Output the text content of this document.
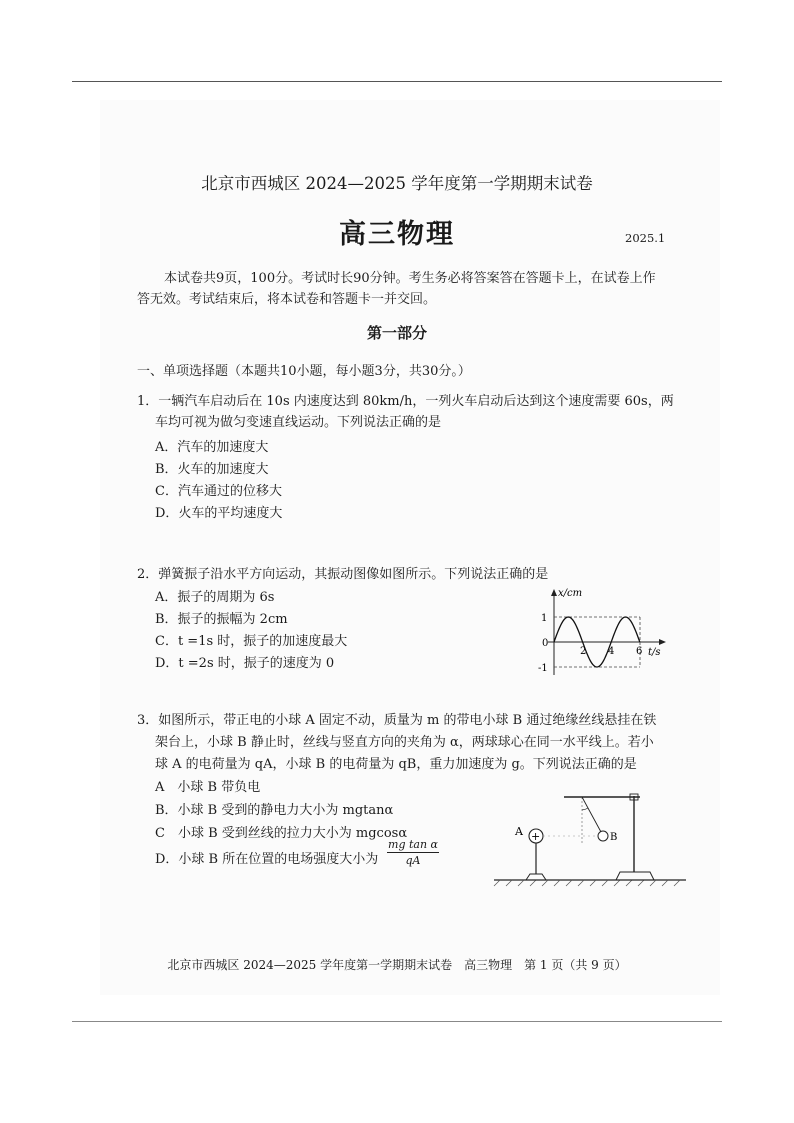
北京市西城区 2024—2025 学年度第一学期期末试卷
高三物理	2025.1
本试卷共9页，100分。考试时长90分钟。考生务必将答案答在答题卡上，在试卷上作
答无效。考试结束后，将本试卷和答题卡一并交回。
第一部分
一、单项选择题（本题共10小题，每小题3分，共30分。）
1．一辆汽车启动后在 10s 内速度达到 80km/h，一列火车启动后达到这个速度需要 60s，两
车均可视为做匀变速直线运动。下列说法正确的是
A．汽车的加速度大
B．火车的加速度大
C．汽车通过的位移大
D．火车的平均速度大
2．弹簧振子沿水平方向运动，其振动图像如图所示。下列说法正确的是
A．振子的周期为 6s
B．振子的振幅为 2cm
C．t =1s 时，振子的加速度最大
D．t =2s 时，振子的速度为 0
x/cm
t/s
1
0
-1
2 4 6
3．如图所示，带正电的小球 A 固定不动，质量为 m 的带电小球 B 通过绝缘丝线悬挂在铁
架台上，小球 B 静止时，丝线与竖直方向的夹角为 α，两球球心在同一水平线上。若小
球 A 的电荷量为 qA，小球 B 的电荷量为 qB，重力加速度为 g。下列说法正确的是
A　小球 B 带负电
B．小球 B 受到的静电力大小为 mgtanα
C　小球 B 受到丝线的拉力大小为 mgcosα
D．小球 B 所在位置的电场强度大小为 $\frac{\text{mg tan α}}{qA}$
+
A	B
北京市西城区 2024—2025 学年度第一学期期末试卷　高三物理　第 1 页（共 9 页）
